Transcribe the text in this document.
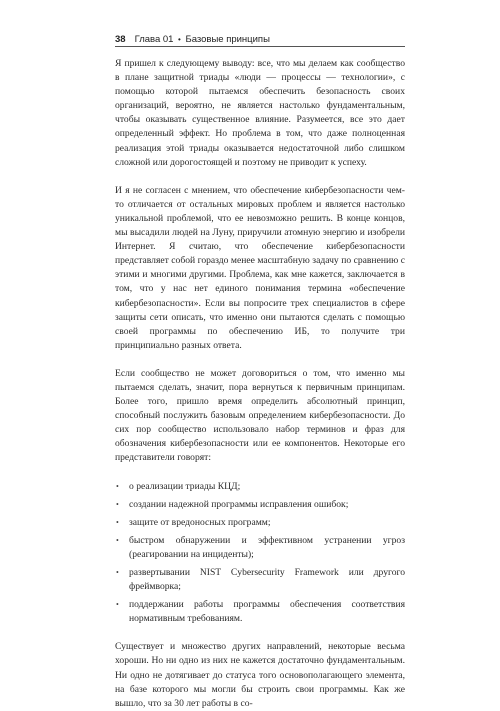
38 Глава 01 • Базовые принципы

Я пришел к следующему выводу: все, что мы делаем как сообщество в плане защитной триады «люди — процессы — технологии», с помощью которой пытаемся обеспечить безопасность своих организаций, вероятно, не является настолько фундаментальным, чтобы оказывать существенное влияние. Разумеется, все это дает определенный эффект. Но проблема в том, что даже полноценная реализация этой триады оказывается недостаточной либо слишком сложной или дорогостоящей и поэтому не приводит к успеху.

И я не согласен с мнением, что обеспечение кибербезопасности чем-то отличается от остальных мировых проблем и является настолько уникальной проблемой, что ее невозможно решить. В конце концов, мы высадили людей на Луну, приручили атомную энергию и изобрели Интернет. Я считаю, что обеспечение кибербезопасности представляет собой гораздо менее масштабную задачу по сравнению с этими и многими другими. Проблема, как мне кажется, заключается в том, что у нас нет единого понимания термина «обеспечение кибербезопасности». Если вы попросите трех специалистов в сфере защиты сети описать, что именно они пытаются сделать с помощью своей программы по обеспечению ИБ, то получите три принципиально разных ответа.

Если сообщество не может договориться о том, что именно мы пытаемся сделать, значит, пора вернуться к первичным принципам. Более того, пришло время определить абсолютный принцип, способный послужить базовым определением кибербезопасности. До сих пор сообщество использовало набор терминов и фраз для обозначения кибербезопасности или ее компонентов. Некоторые его представители говорят:

• о реализации триады КЦД;
• создании надежной программы исправления ошибок;
• защите от вредоносных программ;
• быстром обнаружении и эффективном устранении угроз (реагировании на инциденты);
• развертывании NIST Cybersecurity Framework или другого фреймворка;
• поддержании работы программы обеспечения соответствия нормативным требованиям.

Существует и множество других направлений, некоторые весьма хороши. Но ни одно из них не кажется достаточно фундаментальным. Ни одно не дотягивает до статуса того основополагающего элемента, на базе которого мы могли бы строить свои программы. Как же вышло, что за 30 лет работы в со-
